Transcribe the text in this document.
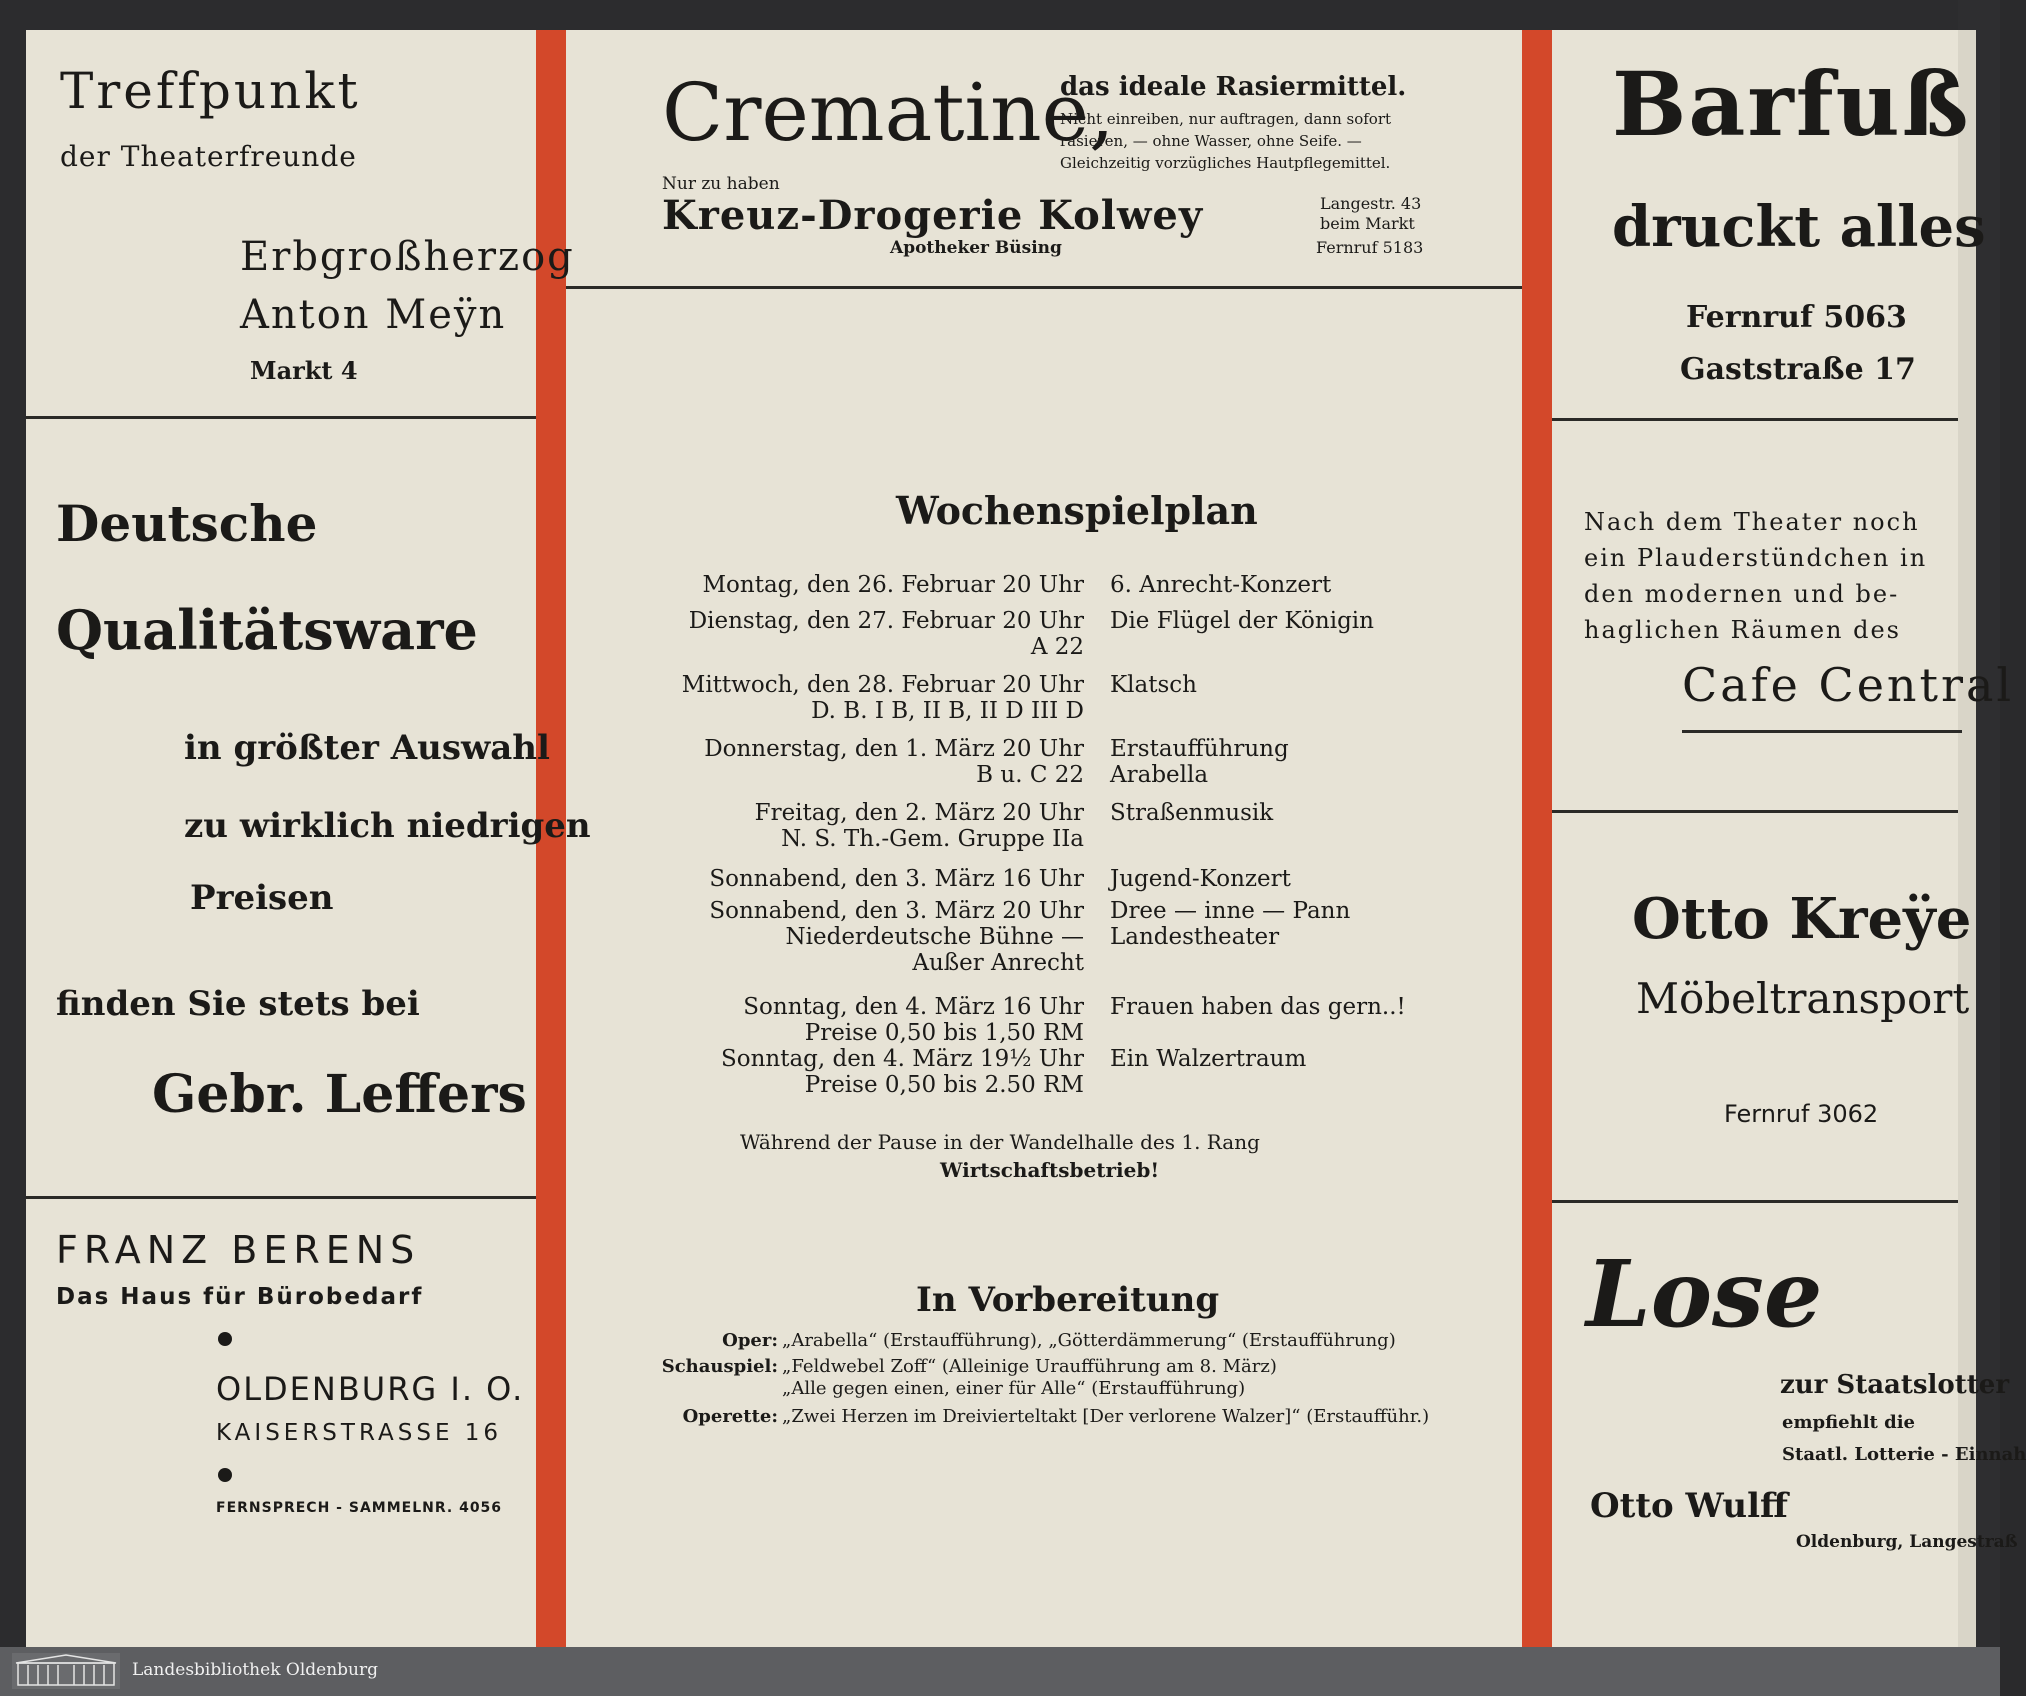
Treffpunkt
der Theaterfreunde
Erbgroßherzog
Anton Meÿn
Markt 4
Deutsche
Qualitätsware
in größter Auswahl
zu wirklich niedrigen
Preisen
finden Sie stets bei
Gebr. Leffers
FRANZ BERENS
Das Haus für Bürobedarf
OLDENBURG I. O.
KAISERSTRASSE 16
FERNSPRECH - SAMMELNR. 4056
Crematine,
das ideale Rasiermittel.
Nicht einreiben, nur auftragen, dann sofort
rasieren, — ohne Wasser, ohne Seife. —
Gleichzeitig vorzügliches Hautpflegemittel.
Nur zu haben
Kreuz-Drogerie Kolwey
Apotheker Büsing
Langestr. 43
beim Markt
Fernruf 5183
Wochenspielplan
Montag, den 26. Februar 20 Uhr 6. Anrecht-Konzert
Dienstag, den 27. Februar 20 Uhr
A 22
Die Flügel der Königin
Mittwoch, den 28. Februar 20 Uhr
D. B. I B, II B, II D III D
Klatsch
Donnerstag, den 1. März 20 Uhr
B u. C 22
Erstaufführung
Arabella
Freitag, den 2. März 20 Uhr
N. S. Th.-Gem. Gruppe IIa
Straßenmusik
Sonnabend, den 3. März 16 Uhr Jugend-Konzert
Sonnabend, den 3. März 20 Uhr
Niederdeutsche Bühne —
Außer Anrecht
Dree — inne — Pann
Landestheater
Sonntag, den 4. März 16 Uhr
Preise 0,50 bis 1,50 RM
Frauen haben das gern..!
Sonntag, den 4. März 19½ Uhr
Preise 0,50 bis 2.50 RM
Ein Walzertraum
Während der Pause in der Wandelhalle des 1. Rang
Wirtschaftsbetrieb!
In Vorbereitung
Oper: „Arabella“ (Erstaufführung), „Götterdämmerung“ (Erstaufführung)
Schauspiel: „Feldwebel Zoff“ (Alleinige Uraufführung am 8. März)
„Alle gegen einen, einer für Alle“ (Erstaufführung)
Operette: „Zwei Herzen im Dreivierteltakt [Der verlorene Walzer]“ (Erstaufführ.)
Barfuß
druckt alles
Fernruf 5063
Gaststraße 17
Nach dem Theater noch
ein Plauderstündchen in
den modernen und be-
haglichen Räumen des
Cafe Central
Otto Kreÿe
Möbeltransport
Fernruf 3062
Lose
zur Staatslotter
empfiehlt die
Staatl. Lotterie - Einnah
Otto Wulff
Oldenburg, Langestraß
Landesbibliothek Oldenburg
